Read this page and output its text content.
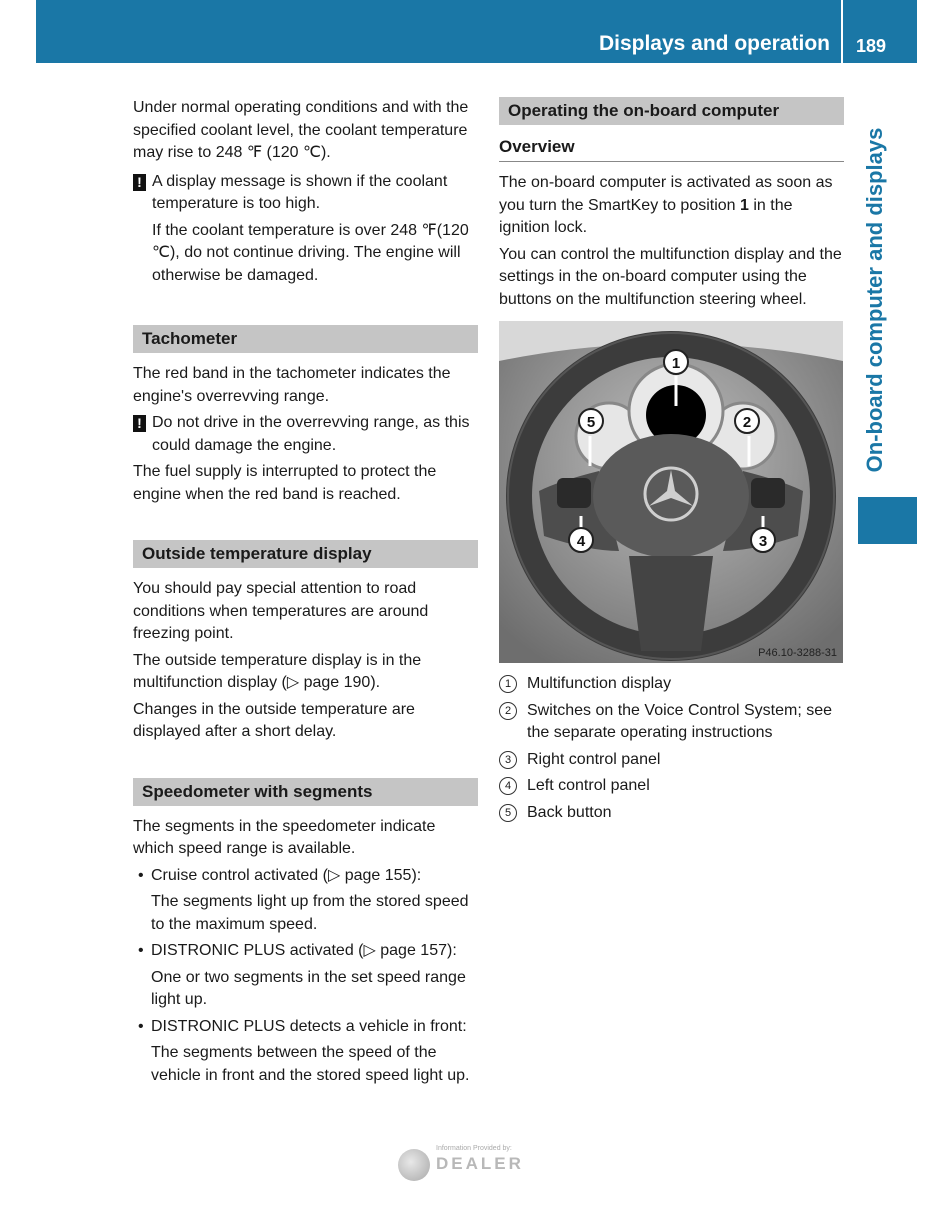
Displays and operation 189
On-board computer and displays

Under normal operating conditions and with the specified coolant level, the coolant temperature may rise to 248 ℉ (120 ℃).

! A display message is shown if the coolant temperature is too high.

If the coolant temperature is over 248 ℉(120 ℃), do not continue driving. The engine will otherwise be damaged.

Tachometer

The red band in the tachometer indicates the engine's overrevving range.

! Do not drive in the overrevving range, as this could damage the engine.

The fuel supply is interrupted to protect the engine when the red band is reached.

Outside temperature display

You should pay special attention to road conditions when temperatures are around freezing point.

The outside temperature display is in the multifunction display (▷ page 190).

Changes in the outside temperature are displayed after a short delay.

Speedometer with segments

The segments in the speedometer indicate which speed range is available.

• Cruise control activated (▷ page 155):

The segments light up from the stored speed to the maximum speed.

• DISTRONIC PLUS activated (▷ page 157):

One or two segments in the set speed range light up.

• DISTRONIC PLUS detects a vehicle in front:

The segments between the speed of the vehicle in front and the stored speed light up.

Operating the on-board computer
Overview

The on-board computer is activated as soon as you turn the SmartKey to position 1 in the ignition lock.

You can control the multifunction display and the settings in the on-board computer using the buttons on the multifunction steering wheel.

1
2
3
4
5
P46.10-3288-31
1 Multifunction display
2 Switches on the Voice Control System; see the separate operating instructions
3 Right control panel
4 Left control panel
5 Back button
Information Provided by:
DEALER
